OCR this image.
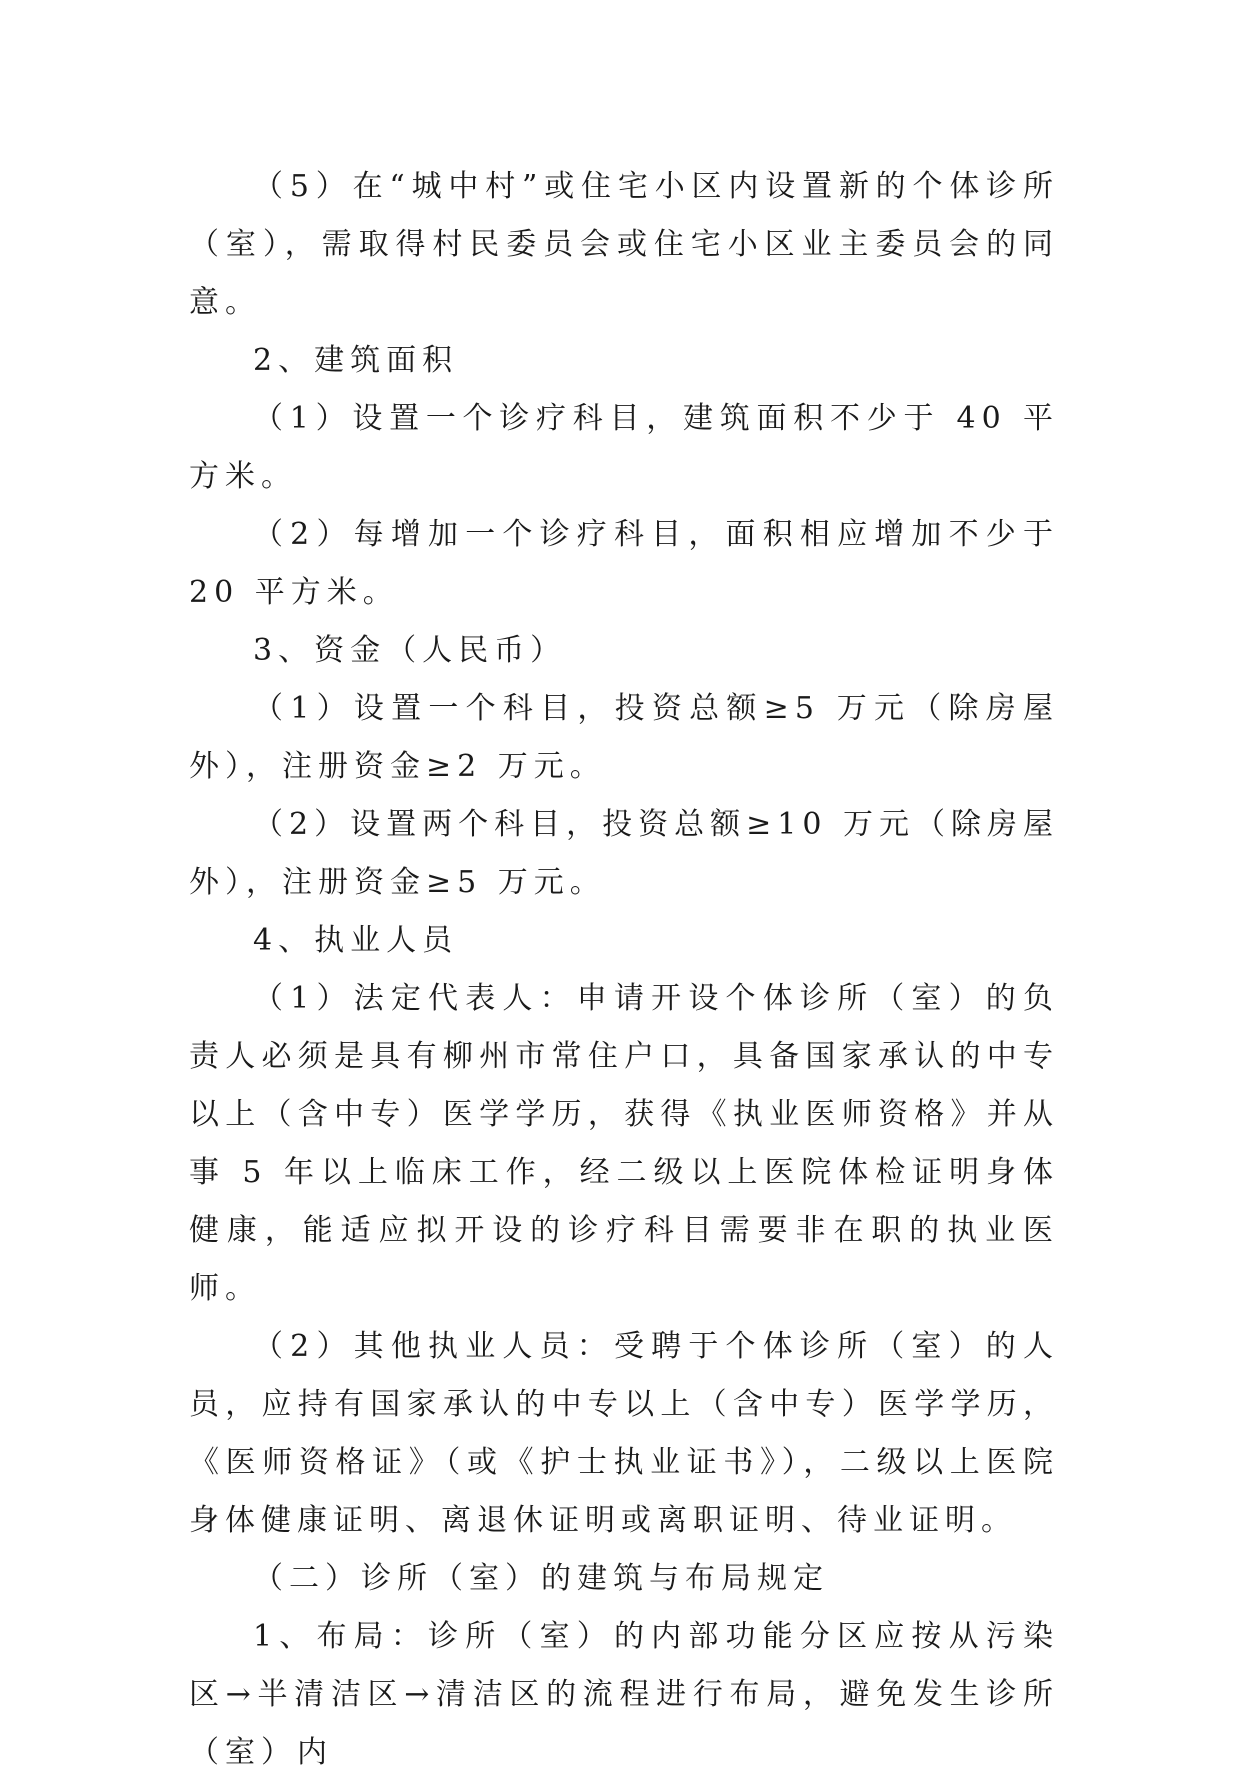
（5）在“城中村”或住宅小区内设置新的个体诊所（室），需取得村民委员会或住宅小区业主委员会的同意。

2、建筑面积

（1）设置一个诊疗科目，建筑面积不少于 40 平方米。

（2）每增加一个诊疗科目，面积相应增加不少于 20 平方米。

3、资金（人民币）

（1）设置一个科目，投资总额≥5 万元（除房屋外），注册资金≥2 万元。

（2）设置两个科目，投资总额≥10 万元（除房屋外），注册资金≥5 万元。

4、执业人员

（1）法定代表人：申请开设个体诊所（室）的负责人必须是具有柳州市常住户口，具备国家承认的中专以上（含中专）医学学历，获得《执业医师资格》并从事 5 年以上临床工作，经二级以上医院体检证明身体健康，能适应拟开设的诊疗科目需要非在职的执业医师。

（2）其他执业人员：受聘于个体诊所（室）的人员，应持有国家承认的中专以上（含中专）医学学历，《医师资格证》（或《护士执业证书》），二级以上医院身体健康证明、离退休证明或离职证明、待业证明。

（二）诊所（室）的建筑与布局规定

1、布局：诊所（室）的内部功能分区应按从污染区→半清洁区→清洁区的流程进行布局，避免发生诊所（室）内
